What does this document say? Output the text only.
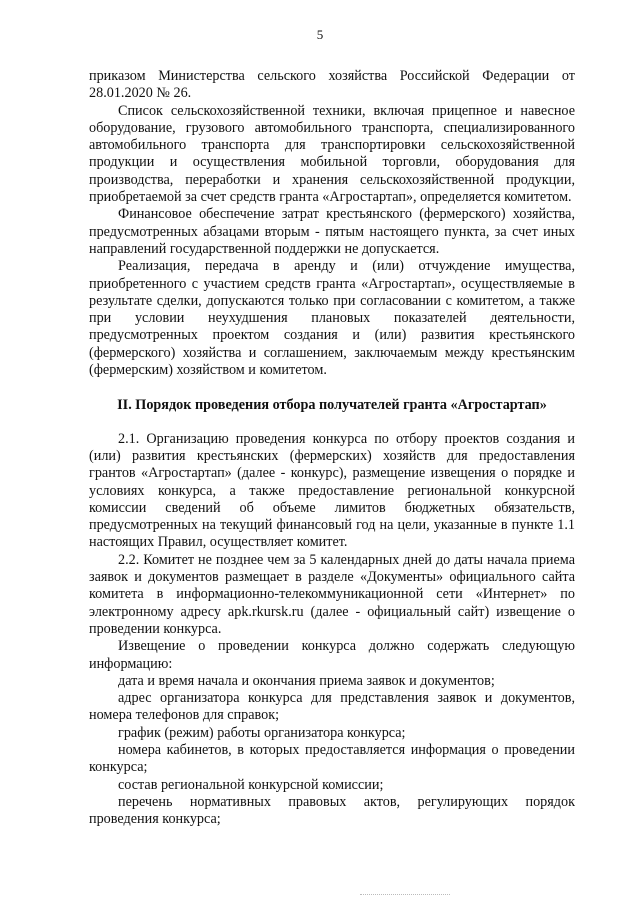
5

приказом Министерства сельского хозяйства Российской Федерации от 28.01.2020 № 26.

Список сельскохозяйственной техники, включая прицепное и навесное оборудование, грузового автомобильного транспорта, специализированного автомобильного транспорта для транспортировки сельскохозяйственной продукции и осуществления мобильной торговли, оборудования для производства, переработки и хранения сельскохозяйственной продукции, приобретаемой за счет средств гранта «Агростартап», определяется комитетом.

Финансовое обеспечение затрат крестьянского (фермерского) хозяйства, предусмотренных абзацами вторым - пятым настоящего пункта, за счет иных направлений государственной поддержки не допускается.

Реализация, передача в аренду и (или) отчуждение имущества, приобретенного с участием средств гранта «Агростартап», осуществляемые в результате сделки, допускаются только при согласовании с комитетом, а также при условии неухудшения плановых показателей деятельности, предусмотренных проектом создания и (или) развития крестьянского (фермерского) хозяйства и соглашением, заключаемым между крестьянским (фермерским) хозяйством и комитетом.

II. Порядок проведения отбора получателей гранта «Агростартап»

2.1. Организацию проведения конкурса по отбору проектов создания и (или) развития крестьянских (фермерских) хозяйств для предоставления грантов «Агростартап» (далее - конкурс), размещение извещения о порядке и условиях конкурса, а также предоставление региональной конкурсной комиссии сведений об объеме лимитов бюджетных обязательств, предусмотренных на текущий финансовый год на цели, указанные в пункте 1.1 настоящих Правил, осуществляет комитет.

2.2. Комитет не позднее чем за 5 календарных дней до даты начала приема заявок и документов размещает в разделе «Документы» официального сайта комитета в информационно-телекоммуникационной сети «Интернет» по электронному адресу apk.rkursk.ru (далее - официальный сайт) извещение о проведении конкурса.

Извещение о проведении конкурса должно содержать следующую информацию:

дата и время начала и окончания приема заявок и документов;

адрес организатора конкурса для представления заявок и документов, номера телефонов для справок;

график (режим) работы организатора конкурса;

номера кабинетов, в которых предоставляется информация о проведении конкурса;

состав региональной конкурсной комиссии;

перечень нормативных правовых актов, регулирующих порядок проведения конкурса;
